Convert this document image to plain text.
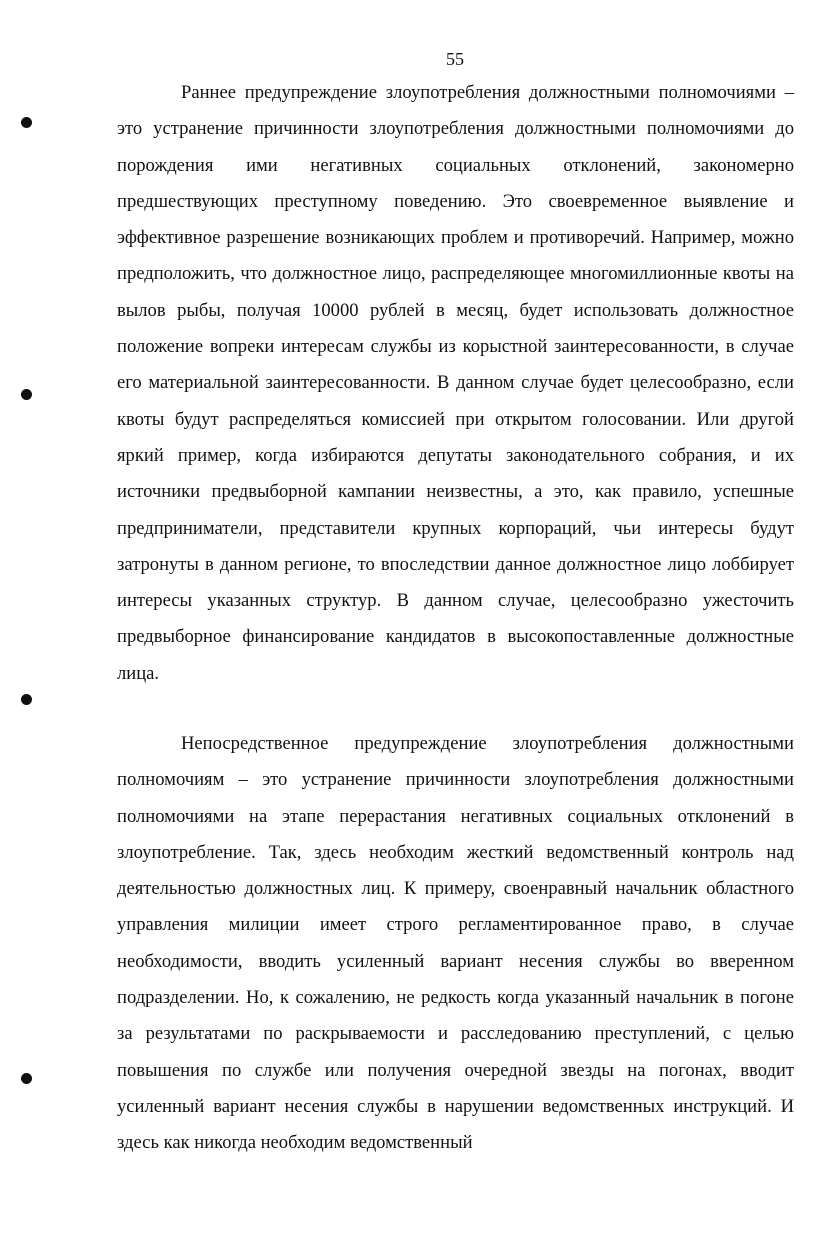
55

Раннее предупреждение злоупотребления должностными полномочиями – это устранение причинности злоупотребления должностными полномочиями до порождения ими негативных социальных отклонений, закономерно предшествующих преступному поведению. Это своевременное выявление и эффективное разрешение возникающих проблем и противоречий. Например, можно предположить, что должностное лицо, распределяющее многомиллионные квоты на вылов рыбы, получая 10000 рублей в месяц, будет использовать должностное положение вопреки интересам службы из корыстной заинтересованности, в случае его материальной заинтересованности. В данном случае будет целесообразно, если квоты будут распределяться комиссией при открытом голосовании. Или другой яркий пример, когда избираются депутаты законодательного собрания, и их источники предвыборной кампании неизвестны, а это, как правило, успешные предприниматели, представители крупных корпораций, чьи интересы будут затронуты в данном регионе, то впоследствии данное должностное лицо лоббирует интересы указанных структур. В данном случае, целесообразно ужесточить предвыборное финансирование кандидатов в высокопоставленные должностные лица.

Непосредственное предупреждение злоупотребления должностными полномочиям – это устранение причинности злоупотребления должностными полномочиями на этапе перерастания негативных социальных отклонений в злоупотребление. Так, здесь необходим жесткий ведомственный контроль над деятельностью должностных лиц. К примеру, своенравный начальник областного управления милиции имеет строго регламентированное право, в случае необходимости, вводить усиленный вариант несения службы во вверенном подразделении. Но, к сожалению, не редкость когда указанный начальник в погоне за результатами по раскрываемости и расследованию преступлений, с целью повышения по службе или получения очередной звезды на погонах, вводит усиленный вариант несения службы в нарушении ведомственных инструкций. И здесь как никогда необходим ведомственный
